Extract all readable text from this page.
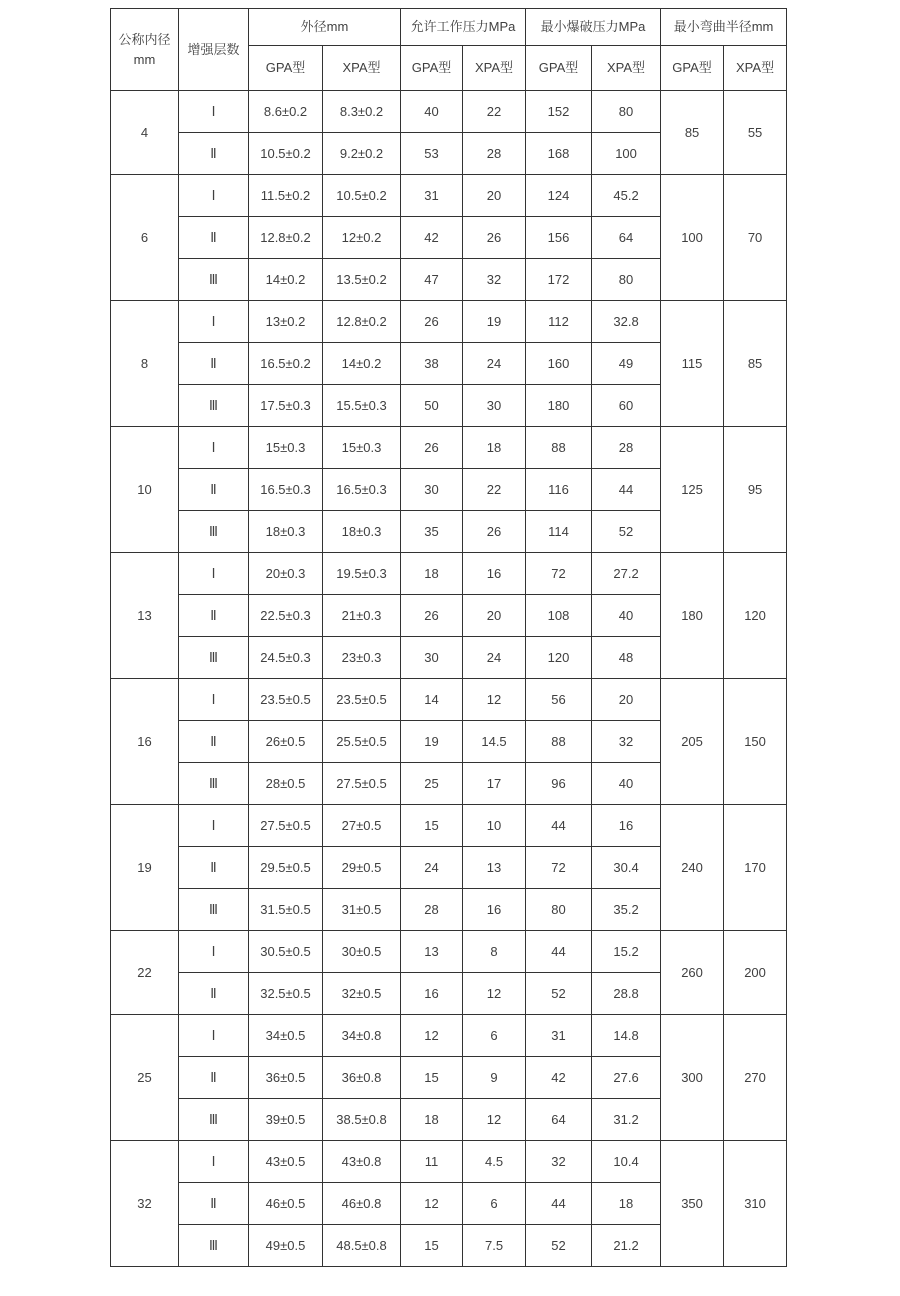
公称内径
mm	增强层数	外径mm		允许工作压力MPa		最小爆破压力MPa		最小弯曲半径mm	
		GPA型	XPA型	GPA型	XPA型	GPA型	XPA型	GPA型	XPA型
4	Ⅰ	8.6±0.2	8.3±0.2	40	22	152	80	85	55
	Ⅱ	10.5±0.2	9.2±0.2	53	28	168	100		
6	Ⅰ	11.5±0.2	10.5±0.2	31	20	124	45.2	100	70
	Ⅱ	12.8±0.2	12±0.2	42	26	156	64		
	Ⅲ	14±0.2	13.5±0.2	47	32	172	80		
8	Ⅰ	13±0.2	12.8±0.2	26	19	112	32.8	115	85
	Ⅱ	16.5±0.2	14±0.2	38	24	160	49		
	Ⅲ	17.5±0.3	15.5±0.3	50	30	180	60		
10	Ⅰ	15±0.3	15±0.3	26	18	88	28	125	95
	Ⅱ	16.5±0.3	16.5±0.3	30	22	116	44		
	Ⅲ	18±0.3	18±0.3	35	26	114	52		
13	Ⅰ	20±0.3	19.5±0.3	18	16	72	27.2	180	120
	Ⅱ	22.5±0.3	21±0.3	26	20	108	40		
	Ⅲ	24.5±0.3	23±0.3	30	24	120	48		
16	Ⅰ	23.5±0.5	23.5±0.5	14	12	56	20	205	150
	Ⅱ	26±0.5	25.5±0.5	19	14.5	88	32		
	Ⅲ	28±0.5	27.5±0.5	25	17	96	40		
19	Ⅰ	27.5±0.5	27±0.5	15	10	44	16	240	170
	Ⅱ	29.5±0.5	29±0.5	24	13	72	30.4		
	Ⅲ	31.5±0.5	31±0.5	28	16	80	35.2		
22	Ⅰ	30.5±0.5	30±0.5	13	8	44	15.2	260	200
	Ⅱ	32.5±0.5	32±0.5	16	12	52	28.8		
25	Ⅰ	34±0.5	34±0.8	12	6	31	14.8	300	270
	Ⅱ	36±0.5	36±0.8	15	9	42	27.6		
	Ⅲ	39±0.5	38.5±0.8	18	12	64	31.2		
32	Ⅰ	43±0.5	43±0.8	11	4.5	32	10.4	350	310
	Ⅱ	46±0.5	46±0.8	12	6	44	18		
	Ⅲ	49±0.5	48.5±0.8	15	7.5	52	21.2		
